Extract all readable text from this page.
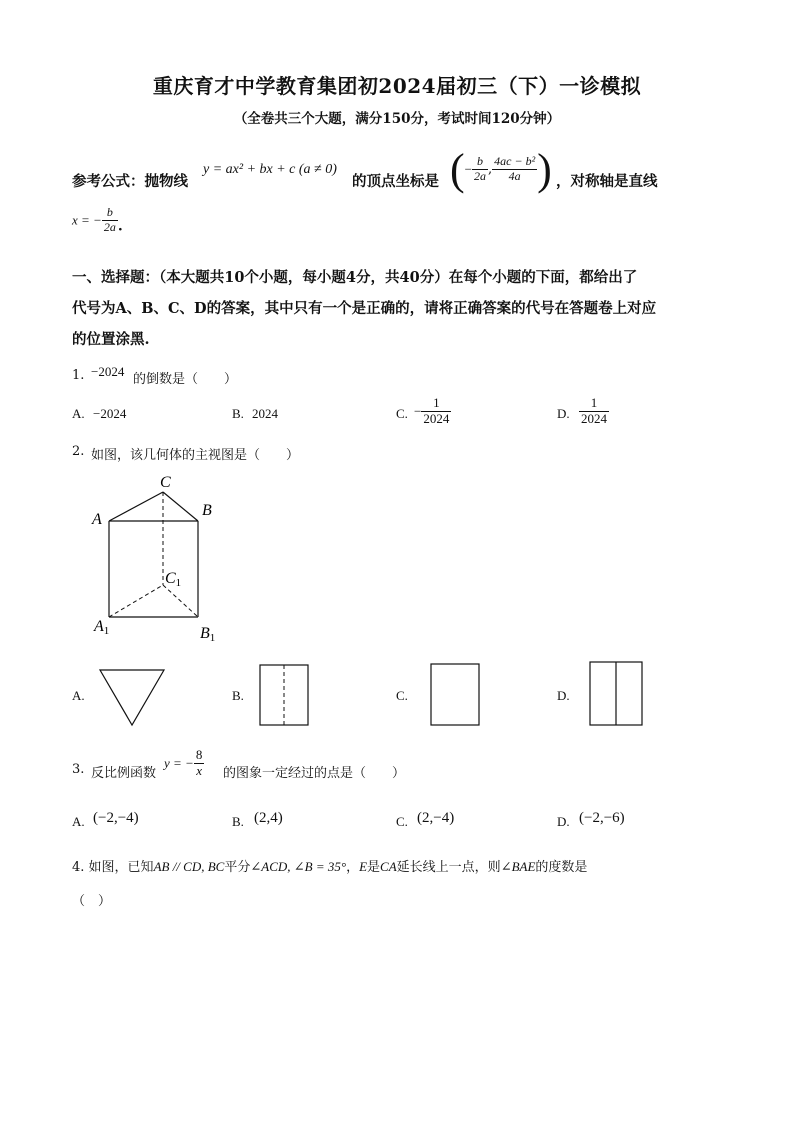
重庆育才中学教育集团初2024届初三（下）一诊模拟
（全卷共三个大题，满分150分，考试时间120分钟）
参考公式：抛物线
y = ax² + bx + c (a ≠ 0)
的顶点坐标是 (− $\frac{b}{2a}$ , $\frac{\text{4ac − b²}}{4a}$ ) ，对称轴是直线
x = − $\frac{b}{2a}$ .
一、选择题：（本大题共10个小题，每小题4分，共40分）在每个小题的下面，都给出了
代号为A、B、C、D的答案，其中只有一个是正确的，请将正确答案的代号在答题卷上对应
的位置涂黑.
1. −2024
的倒数是（　　）
A. −2024	B. 2024	C. − $\frac{1}{2024}$	D. $\frac{1}{2024}$
2. 如图，该几何体的主视图是（　　）
C
B
A
C1
A1	B1
A.	B.	C.	D.
3. 反比例函数
y = − $\frac{8}{x}$ 的图象一定经过的点是（　　）
A. (−2,−4)	B. (2,4)	C. (2,−4)	D. (−2,−6)
4. 如图，已知AB // CD, BC平分∠ACD, ∠B = 35°，E是CA延长线上一点，则∠BAE的度数是
（　）
